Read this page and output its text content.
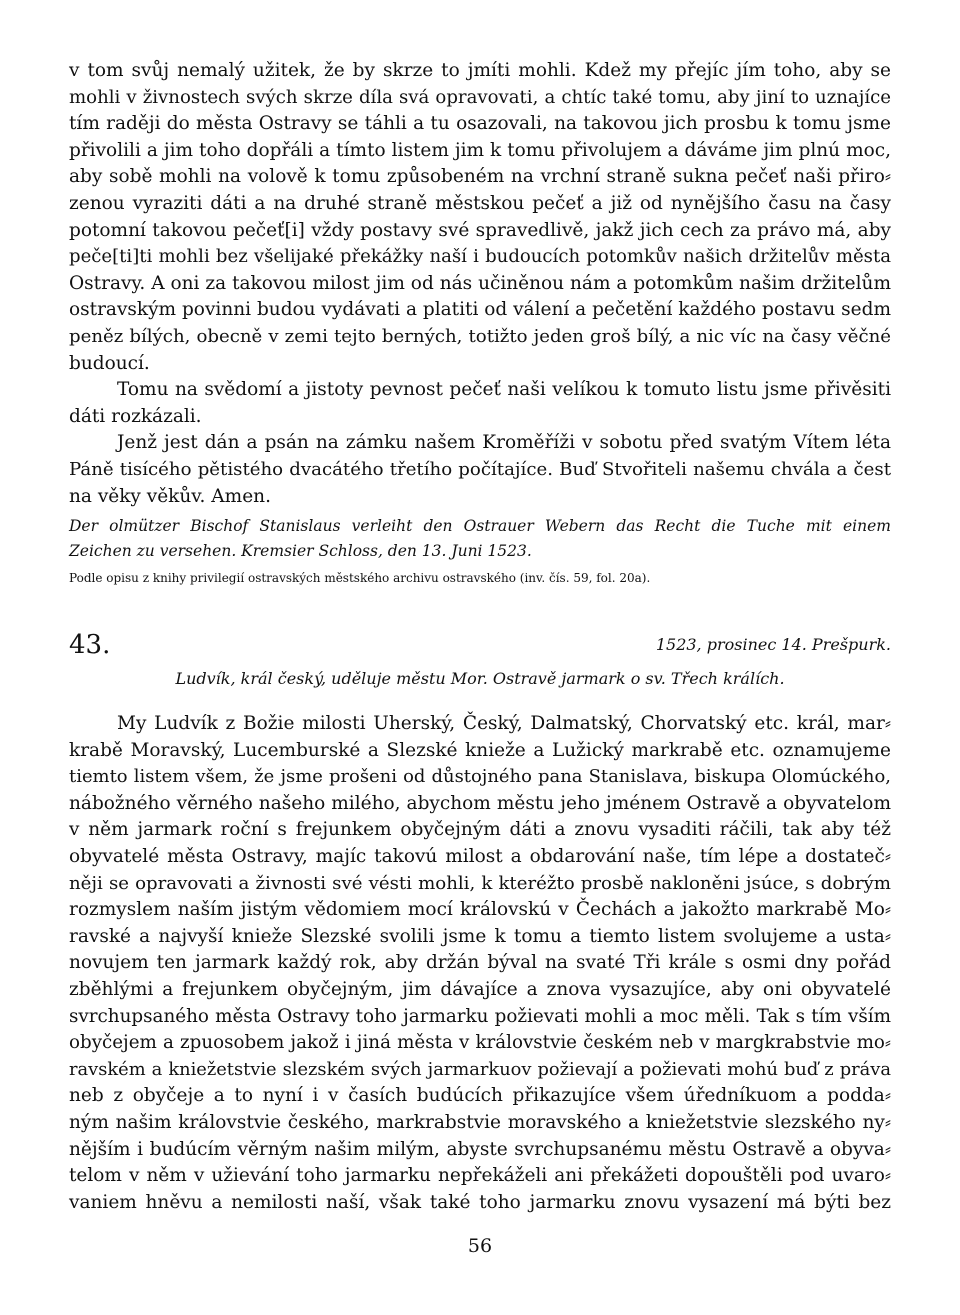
v tom svůj nemalý užitek, že by skrze to jmíti mohli. Kdež my přejíc jím toho, aby se
mohli v živnostech svých skrze díla svá opravovati, a chtíc také tomu, aby jiní to uznajíce
tím raději do města Ostravy se táhli a tu osazovali, na takovou jich prosbu k tomu jsme
přivolili a jim toho dopřáli a tímto listem jim k tomu přivolujem a dáváme jim plnú moc,
aby sobě mohli na volově k tomu způsobeném na vrchní straně sukna pečeť naši přiro⸗
zenou vyraziti dáti a na druhé straně městskou pečeť a již od nynějšího času na časy
potomní takovou pečeť[i] vždy postavy své spravedlivě, jakž jich cech za právo má, aby
peče[ti]ti mohli bez všelijaké překážky naší i budoucích potomkův našich držitelův města
Ostravy. A oni za takovou milost jim od nás učiněnou nám a potomkům našim držitelům
ostravským povinni budou vydávati a platiti od válení a pečetění každého postavu sedm
peněz bílých, obecně v zemi tejto berných, totižto jeden groš bílý, a nic víc na časy věčné
budoucí.
Tomu na svědomí a jistoty pevnost pečeť naši velíkou k tomuto listu jsme přivěsiti
dáti rozkázali.
Jenž jest dán a psán na zámku našem Kroměříži v sobotu před svatým Vítem léta
Páně tisícého pětistého dvacátého třetího počítajíce. Buď Stvořiteli našemu chvála a čest
na věky věkův. Amen.
Der olmützer Bischof Stanislaus verleiht den Ostrauer Webern das Recht die Tuche mit einem
Zeichen zu versehen. Kremsier Schloss, den 13. Juni 1523.
Podle opisu z knihy privilegií ostravských městského archivu ostravského (inv. čís. 59, fol. 20a).
43.	1523, prosinec 14. Prešpurk.
Ludvík, král český, uděluje městu Mor. Ostravě jarmark o sv. Třech králích.
My Ludvík z Božie milosti Uherský, Český, Dalmatský, Chorvatský etc. král, mar⸗
krabě Moravský, Lucemburské a Slezské knieže a Lužický markrabě etc. oznamujeme
tiemto listem všem, že jsme prošeni od důstojného pana Stanislava, biskupa Olomúckého,
nábožného věrného našeho milého, abychom městu jeho jménem Ostravě a obyvatelom
v něm jarmark roční s frejunkem obyčejným dáti a znovu vysaditi ráčili, tak aby též
obyvatelé města Ostravy, majíc takovú milost a obdarování naše, tím lépe a dostateč⸗
něji se opravovati a živnosti své vésti mohli, k kteréžto prosbě nakloněni jsúce, s dobrým
rozmyslem naším jistým vědomiem mocí královskú v Čechách a jakožto markrabě Mo⸗
ravské a najvyší knieže Slezské svolili jsme k tomu a tiemto listem svolujeme a usta⸗
novujem ten jarmark každý rok, aby držán býval na svaté Tři krále s osmi dny pořád
zběhlými a frejunkem obyčejným, jim dávajíce a znova vysazujíce, aby oni obyvatelé
svrchupsaného města Ostravy toho jarmarku požievati mohli a moc měli. Tak s tím vším
obyčejem a zpuosobem jakož i jiná města v královstvie českém neb v margkrabstvie mo⸗
ravském a kniežetstvie slezském svých jarmarkuov požievají a požievati mohú buď z práva
neb z obyčeje a to nyní i v časích budúcích přikazujíce všem úředníkuom a podda⸗
ným našim královstvie českého, markrabstvie moravského a kniežetstvie slezského ny⸗
nějším i budúcím věrným našim milým, abyste svrchupsanému městu Ostravě a obyva⸗
telom v něm v užievání toho jarmarku nepřekáželi ani překážeti dopouštěli pod uvaro⸗
vaniem hněvu a nemilosti naší, však také toho jarmarku znovu vysazení má býti bez
56
